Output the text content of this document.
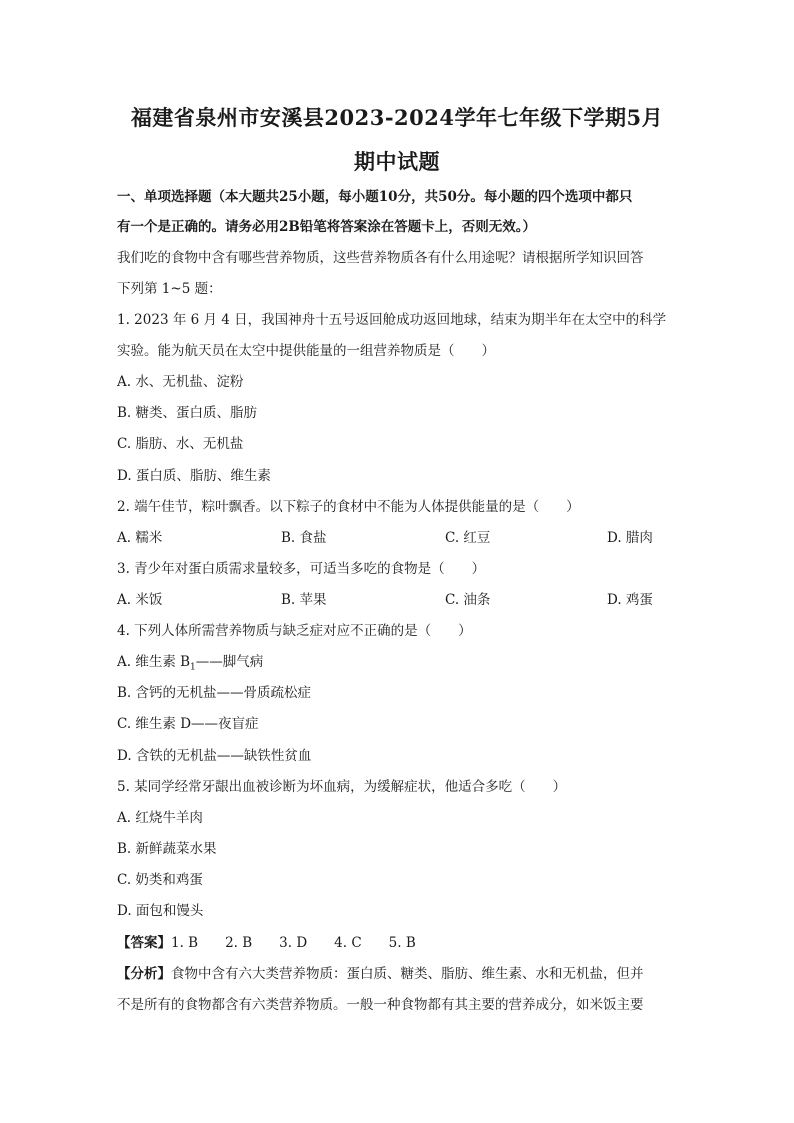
福建省泉州市安溪县2023-2024学年七年级下学期5月
期中试题
一、单项选择题（本大题共25小题，每小题10分，共50分。每小题的四个选项中都只
有一个是正确的。请务必用2B铅笔将答案涂在答题卡上，否则无效。）
我们吃的食物中含有哪些营养物质，这些营养物质各有什么用途呢？请根据所学知识回答
下列第 1~5 题：
1. 2023 年 6 月 4 日，我国神舟十五号返回舱成功返回地球，结束为期半年在太空中的科学
实验。能为航天员在太空中提供能量的一组营养物质是（　　）
A. 水、无机盐、淀粉
B. 糖类、蛋白质、脂肪
C. 脂肪、水、无机盐
D. 蛋白质、脂肪、维生素
2. 端午佳节，粽叶飘香。以下粽子的食材中不能为人体提供能量的是（　　）
A. 糯米	B. 食盐	C. 红豆	D. 腊肉
3. 青少年对蛋白质需求量较多，可适当多吃的食物是（　　）
A. 米饭	B. 苹果	C. 油条	D. 鸡蛋
4. 下列人体所需营养物质与缺乏症对应不正确的是（　　）
A. 维生素 $B_1——$脚气病
B. 含钙的无机盐——骨质疏松症
C. 维生素 D——夜盲症
D. 含铁的无机盐——缺铁性贫血
5. 某同学经常牙龈出血被诊断为坏血病，为缓解症状，他适合多吃（　　）
A. 红烧牛羊肉
B. 新鲜蔬菜水果
C. 奶类和鸡蛋
D. 面包和馒头
【答案】1. B　　2. B　　3. D　　4. C　　5. B
【分析】食物中含有六大类营养物质：蛋白质、糖类、脂肪、维生素、水和无机盐，但并
不是所有的食物都含有六类营养物质。一般一种食物都有其主要的营养成分，如米饭主要
